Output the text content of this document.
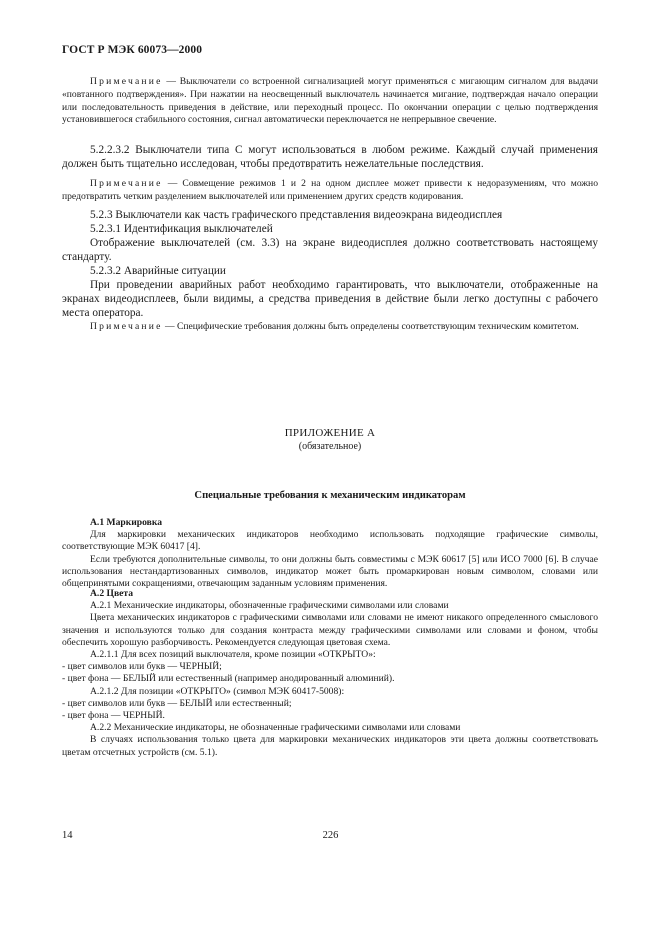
ГОСТ Р МЭК 60073—2000
Примечание — Выключатели со встроенной сигнализацией могут применяться с мигающим сигналом для выдачи «повтанного подтверждения». При нажатии на неосвещенный выключатель начинается мигание, подтверждая начало операции или последовательность приведения в действие, или переходный процесс. По окончании операции с целью подтверждения установившегося стабильного состояния, сигнал автоматически переключается не непрерывное свечение.
5.2.2.3.2 Выключатели типа С могут использоваться в любом режиме. Каждый случай применения должен быть тщательно исследован, чтобы предотвратить нежелательные последствия.
Примечание — Совмещение режимов 1 и 2 на одном дисплее может привести к недоразумениям, что можно предотвратить четким разделением выключателей или применением других средств кодирования.
5.2.3 Выключатели как часть графического представления видеоэкрана видеодисплея
5.2.3.1 Идентификация выключателей
Отображение выключателей (см. 3.3) на экране видеодисплея должно соответствовать настоящему стандарту.
5.2.3.2 Аварийные ситуации
При проведении аварийных работ необходимо гарантировать, что выключатели, отображенные на экранах видеодисплеев, были видимы, а средства приведения в действие были легко доступны с рабочего места оператора.
Примечание — Специфические требования должны быть определены соответствующим техническим комитетом.
ПРИЛОЖЕНИЕ А
(обязательное)
Специальные требования к механическим индикаторам

А.1 Маркировка

Для маркировки механических индикаторов необходимо использовать подходящие графические символы, соответствующие МЭК 60417 [4].

Если требуются дополнительные символы, то они должны быть совместимы с МЭК 60617 [5] или ИСО 7000 [6]. В случае использования нестандартизованных символов, индикатор может быть промаркирован новым символом, словами или общепринятыми сокращениями, отвечающим заданным условиям применения.

А.2 Цвета

А.2.1 Механические индикаторы, обозначенные графическими символами или словами

Цвета механических индикаторов с графическими символами или словами не имеют никакого определенного смыслового значения и используются только для создания контраста между графическими символами или словами и фоном, чтобы обеспечить хорошую разборчивость. Рекомендуется следующая цветовая схема.

А.2.1.1 Для всех позиций выключателя, кроме позиции «ОТКРЫТО»:

- цвет символов или букв — ЧЕРНЫЙ;

- цвет фона — БЕЛЫЙ или естественный (например анодированный алюминий).

А.2.1.2 Для позиции «ОТКРЫТО» (символ МЭК 60417-5008):

- цвет символов или букв — БЕЛЫЙ или естественный;

- цвет фона — ЧЕРНЫЙ.

А.2.2 Механические индикаторы, не обозначенные графическими символами или словами

В случаях использования только цвета для маркировки механических индикаторов эти цвета должны соответствовать цветам отсчетных устройств (см. 5.1).

14	226
